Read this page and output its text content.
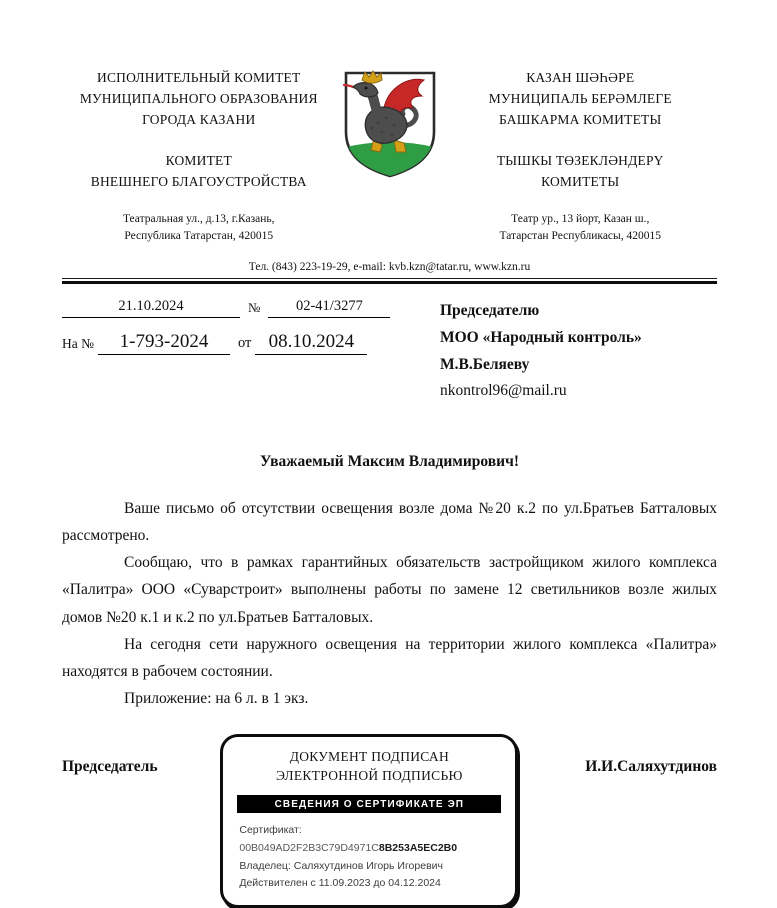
ИСПОЛНИТЕЛЬНЫЙ КОМИТЕТ
МУНИЦИПАЛЬНОГО ОБРАЗОВАНИЯ
ГОРОДА КАЗАНИ
КОМИТЕТ
ВНЕШНЕГО БЛАГОУСТРОЙСТВА
Театральная ул., д.13, г.Казань,
Республика Татарстан, 420015
КАЗАН ШӘҺӘРЕ
МУНИЦИПАЛЬ БЕРӘМЛЕГЕ
БАШКАРМА КОМИТЕТЫ
ТЫШКЫ ТӨЗЕКЛӘНДЕРҮ
КОМИТЕТЫ
Театр ур., 13 йорт, Казан ш.,
Татарстан Республикасы, 420015
Тел. (843) 223-19-29, e-mail: kvb.kzn@tatar.ru, www.kzn.ru
21.10.2024	№	02-41/3277
На №	1-793-2024	от 08.10.2024
Председателю
МОО «Народный контроль»
М.В.Беляеву
nkontrol96@mail.ru
Уважаемый Максим Владимирович!

Ваше письмо об отсутствии освещения возле дома №20 к.2 по ул.Братьев Батталовых рассмотрено.

Сообщаю, что в рамках гарантийных обязательств застройщиком жилого комплекса «Палитра» ООО «Суварстроит» выполнены работы по замене 12 светильников возле жилых домов №20 к.1 и к.2 по ул.Братьев Батталовых.

На сегодня сети наружного освещения на территории жилого комплекса «Палитра» находятся в рабочем состоянии.

Приложение: на 6 л. в 1 экз.

Председатель
ДОКУМЕНТ ПОДПИСАН
ЭЛЕКТРОННОЙ ПОДПИСЬЮ
СВЕДЕНИЯ О СЕРТИФИКАТЕ ЭП
Сертификат: 00B049AD2F2B3C79D4971C8B253A5EC2B0
Владелец: Саляхутдинов Игорь Игоревич
Действителен с 11.09.2023 до 04.12.2024
И.И.Саляхутдинов
